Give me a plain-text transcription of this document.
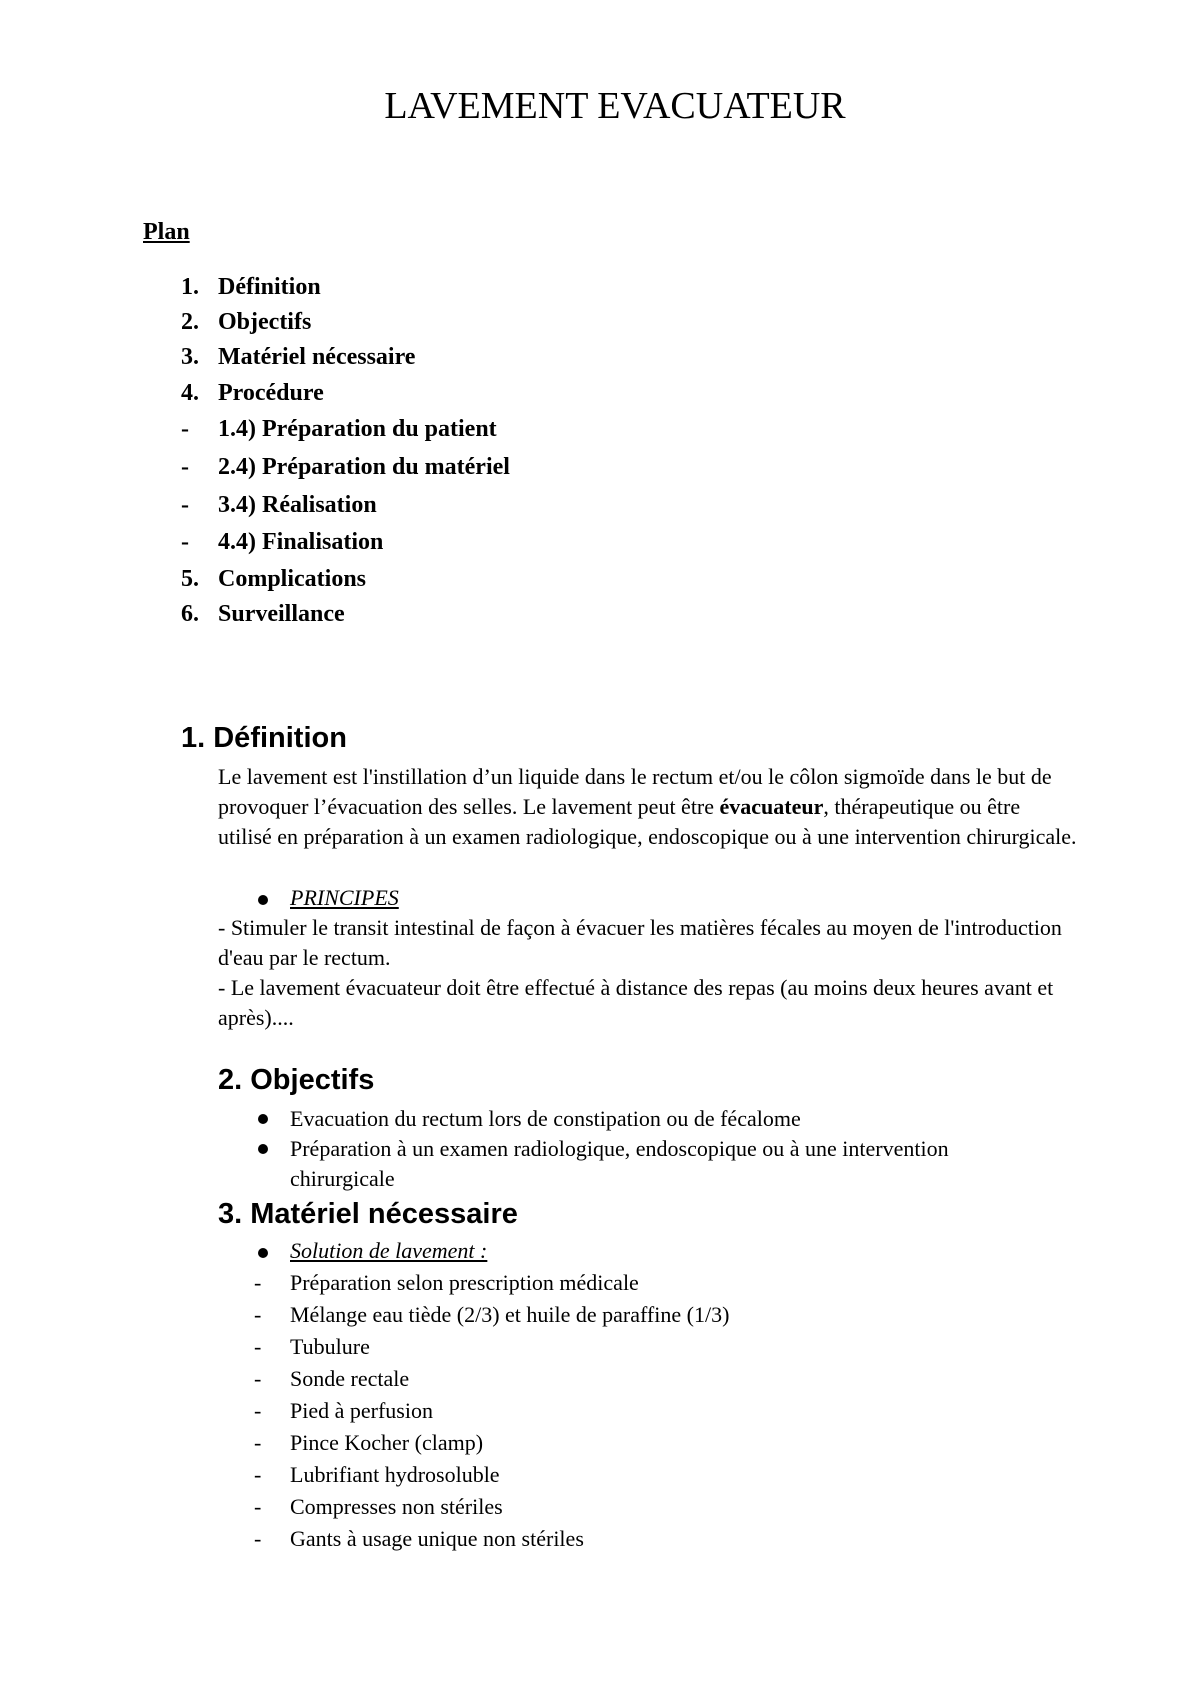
LAVEMENT EVACUATEUR
Plan
1. Définition
2. Objectifs
3. Matériel nécessaire
4. Procédure
- 1.4) Préparation du patient
- 2.4) Préparation du matériel
- 3.4) Réalisation
- 4.4) Finalisation
5. Complications
6. Surveillance
1. Définition

Le lavement est l'instillation d’un liquide dans le rectum et/ou le côlon sigmoïde dans le but de provoquer l’évacuation des selles. Le lavement peut être évacuateur, thérapeutique ou être utilisé en préparation à un examen radiologique, endoscopique ou à une intervention chirurgicale.

PRINCIPES

- Stimuler le transit intestinal de façon à évacuer les matières fécales au moyen de l'introduction d'eau par le rectum.

- Le lavement évacuateur doit être effectué à distance des repas (au moins deux heures avant et après)....

2. Objectifs
Evacuation du rectum lors de constipation ou de fécalome
Préparation à un examen radiologique, endoscopique ou à une intervention
chirurgicale
3. Matériel nécessaire
Solution de lavement :
- Préparation selon prescription médicale
- Mélange eau tiède (2/3) et huile de paraffine (1/3)
- Tubulure
- Sonde rectale
- Pied à perfusion
- Pince Kocher (clamp)
- Lubrifiant hydrosoluble
- Compresses non stériles
- Gants à usage unique non stériles
